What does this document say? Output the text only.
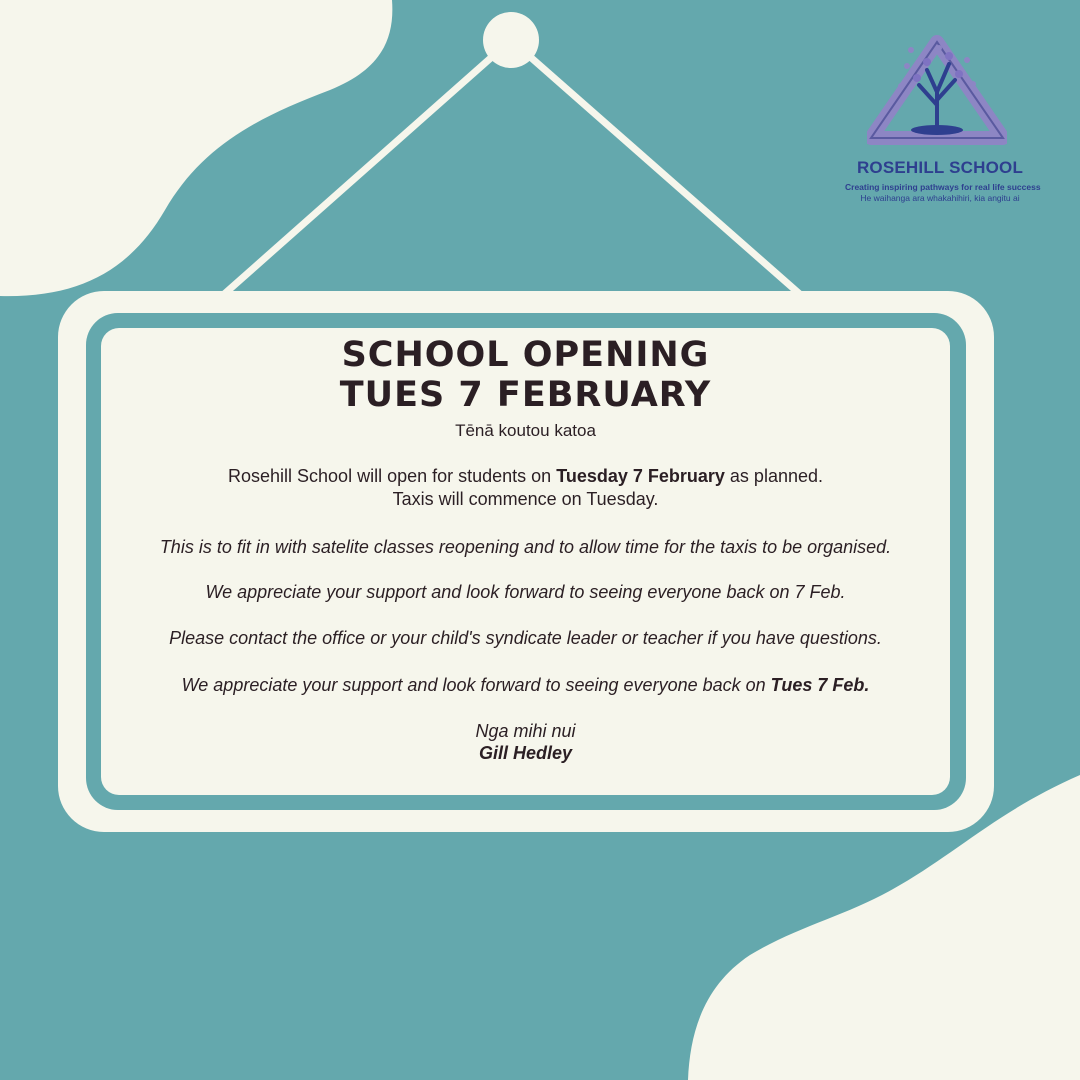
ROSEHILL SCHOOL
Creating inspiring pathways for real life success
He waihanga ara whakahihiri, kia angitu ai
SCHOOL OPENING
TUES 7 FEBRUARY
Tēnā koutou katoa
Rosehill School will open for students on Tuesday 7 February as planned.
Taxis will commence on Tuesday.
This is to fit in with satelite classes reopening and to allow time for the taxis to be organised.
We appreciate your support and look forward to seeing everyone back on 7 Feb.
Please contact the office or your child's syndicate leader or teacher if you have questions.
We appreciate your support and look forward to seeing everyone back on Tues 7 Feb.
Nga mihi nui
Gill Hedley
